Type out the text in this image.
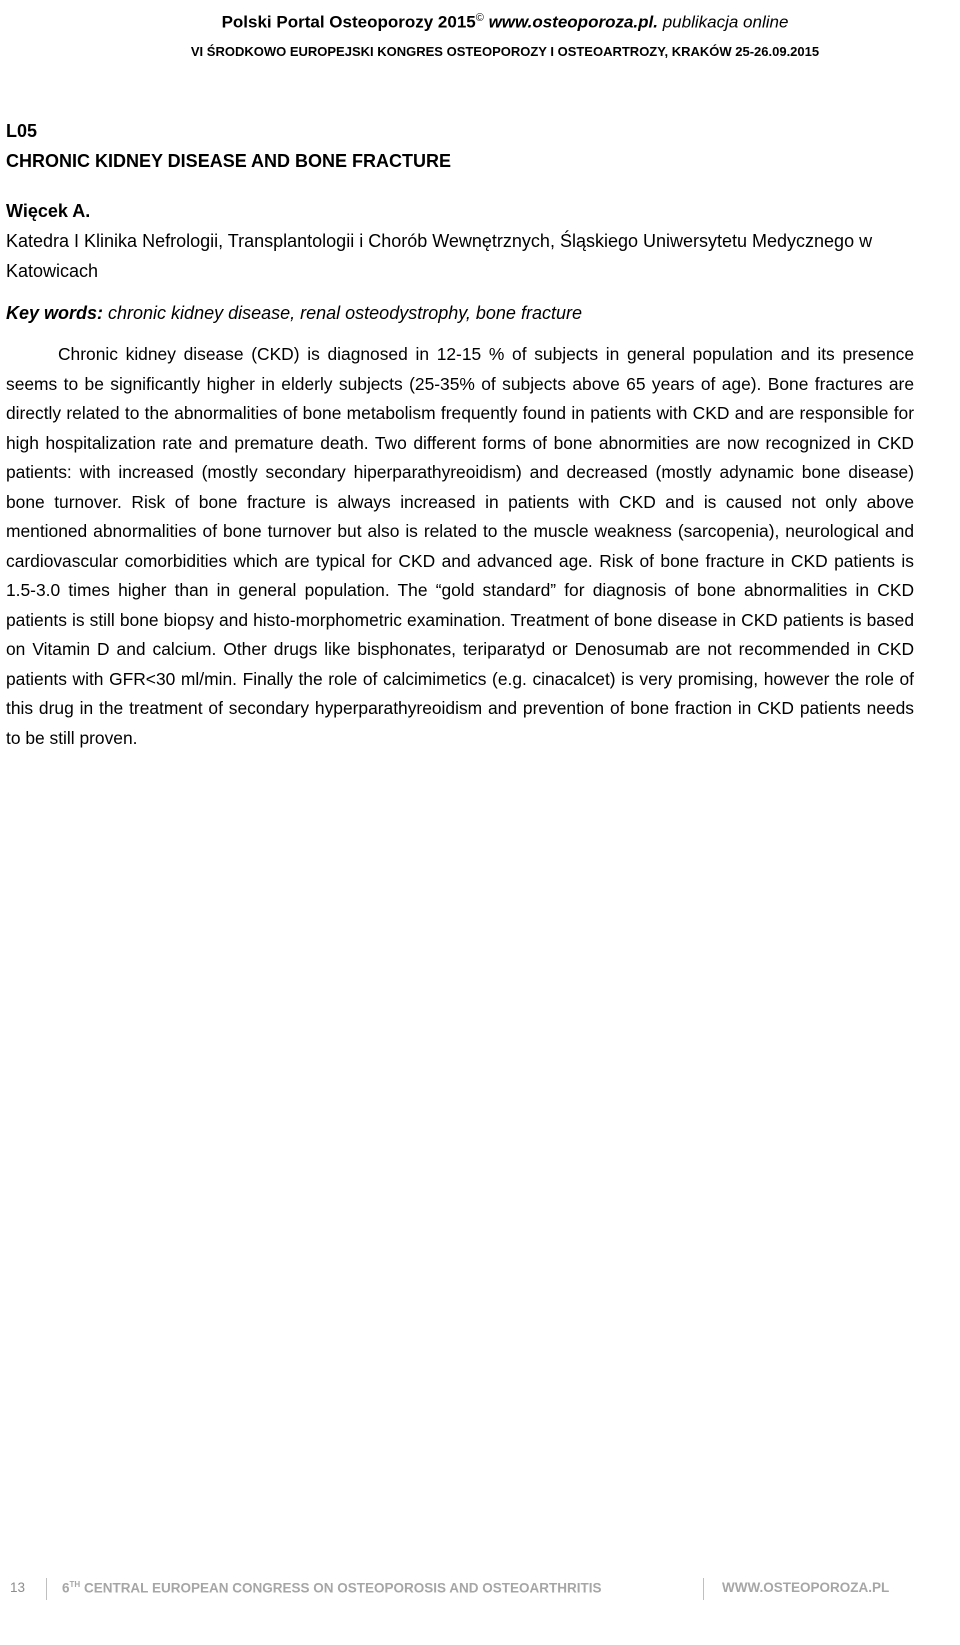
Polski Portal Osteoporozy 2015© www.osteoporoza.pl. publikacja online
VI ŚRODKOWO EUROPEJSKI KONGRES OSTEOPOROZY I OSTEOARTROZY, KRAKÓW 25-26.09.2015
L05
CHRONIC KIDNEY DISEASE AND BONE FRACTURE
Więcek A.
Katedra I Klinika Nefrologii, Transplantologii i Chorób Wewnętrznych, Śląskiego Uniwersytetu Medycznego w Katowicach
Key words: chronic kidney disease, renal osteodystrophy, bone fracture
Chronic kidney disease (CKD) is diagnosed in 12-15 % of subjects in general population and its presence seems to be significantly higher in elderly subjects (25-35% of subjects above 65 years of age). Bone fractures are directly related to the abnormalities of bone metabolism frequently found in patients with CKD and are responsible for high hospitalization rate and premature death. Two different forms of bone abnormities are now recognized in CKD patients: with increased (mostly secondary hiperparathyreoidism) and decreased (mostly adynamic bone disease) bone turnover. Risk of bone fracture is always increased in patients with CKD and is caused not only above mentioned abnormalities of bone turnover but also is related to the muscle weakness (sarcopenia), neurological and cardiovascular comorbidities which are typical for CKD and advanced age. Risk of bone fracture in CKD patients is 1.5-3.0 times higher than in general population. The “gold standard” for diagnosis of bone abnormalities in CKD patients is still bone biopsy and histo-morphometric examination. Treatment of bone disease in CKD patients is based on Vitamin D and calcium. Other drugs like bisphonates, teriparatyd or Denosumab are not recommended in CKD patients with GFR<30 ml/min. Finally the role of calcimimetics (e.g. cinacalcet) is very promising, however the role of this drug in the treatment of secondary hyperparathyreoidism and prevention of bone fraction in CKD patients needs to be still proven.
13	6TH CENTRAL EUROPEAN CONGRESS ON OSTEOPOROSIS AND OSTEOARTHRITIS	WWW.OSTEOPOROZA.PL
